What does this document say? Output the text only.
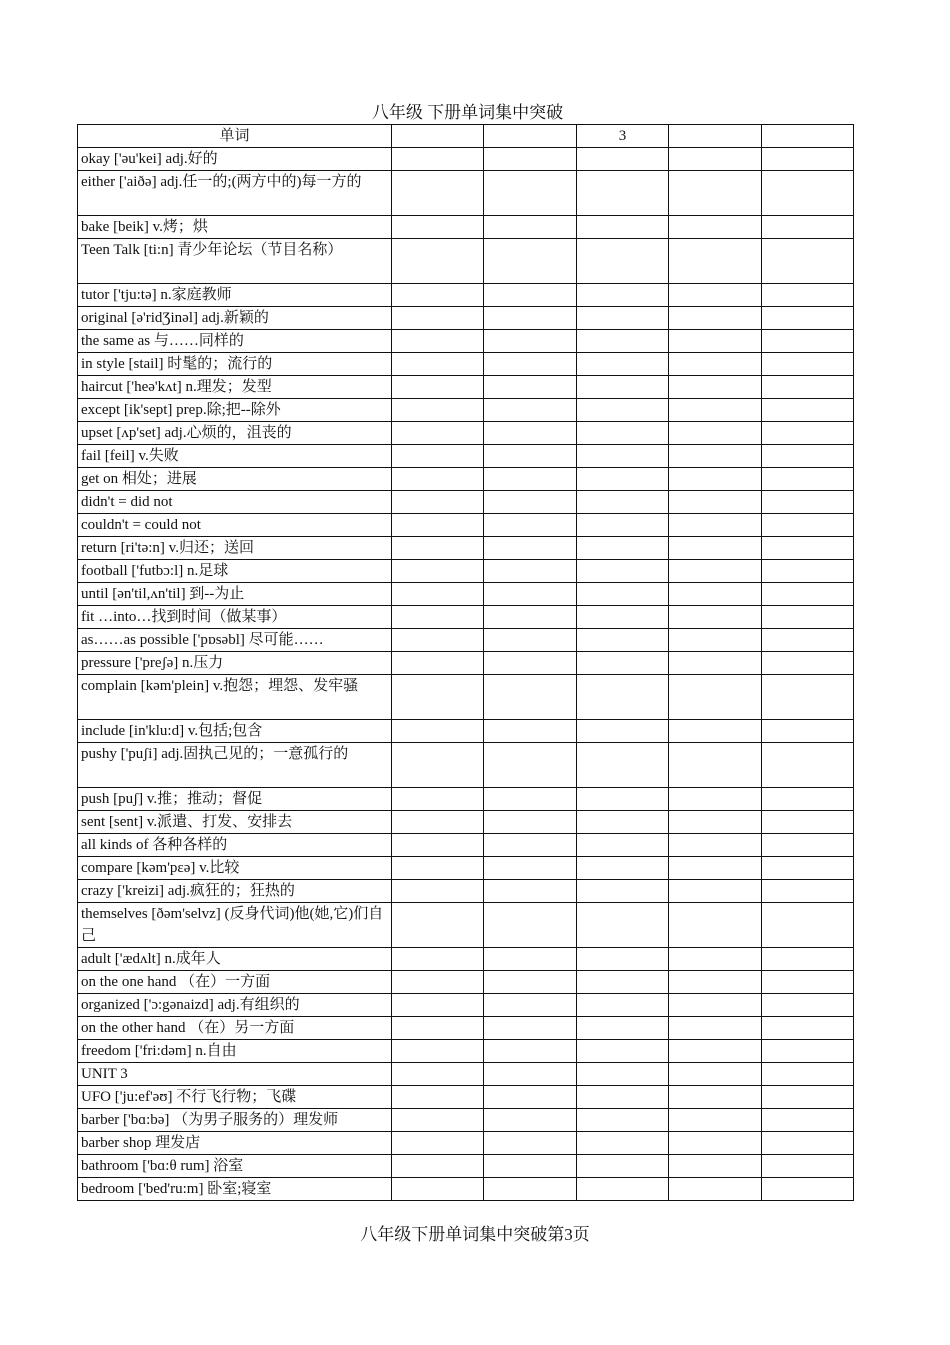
八年级 下册单词集中突破
单词			3		
okay ['əu'kei] adj.好的					
either ['aiðə] adj.任一的;(两方中的)每一方的					
bake [beik] v.烤；烘					
Teen Talk [ti:n] 青少年论坛（节目名称）					
tutor ['tju:tə] n.家庭教师					
original [ə'ridƷinəl] adj.新颖的					
the same as 与……同样的					
in style [stail] 时髦的；流行的					
haircut ['heə'kʌt] n.理发；发型					
except [ik'sept] prep.除;把--除外					
upset [ʌp'set] adj.心烦的，沮丧的					
fail [feil] v.失败					
get on 相处；进展					
didn't = did not					
couldn't = could not					
return [ri'tə:n] v.归还；送回					
football ['futbɔ:l] n.足球					
until [ən'til,ʌn'til] 到--为止					
fit …into…找到时间（做某事）					
as……as possible ['pɒsəbl] 尽可能……					
pressure ['preʃə] n.压力					
complain [kəm'plein] v.抱怨；埋怨、发牢骚					
include [in'klu:d] v.包括;包含					
pushy ['puʃi] adj.固执己见的；一意孤行的					
push [puʃ] v.推；推动；督促					
sent [sent] v.派遣、打发、安排去					
all kinds of 各种各样的					
compare [kəm'pɛə] v.比较					
crazy ['kreizi] adj.疯狂的；狂热的					
themselves [ðəm'selvz] (反身代词)他(她,它)们自己					
adult ['ædʌlt] n.成年人					
on the one hand （在）一方面					
organized ['ɔ:gənaizd] adj.有组织的					
on the other hand （在）另一方面					
freedom ['fri:dəm] n.自由					
UNIT 3					
UFO ['ju:ef'əʊ] 不行飞行物；飞碟					
barber ['bɑ:bə] （为男子服务的）理发师					
barber shop 理发店					
bathroom ['bɑ:θ rum] 浴室					
bedroom ['bed'ru:m] 卧室;寝室					
八年级下册单词集中突破第3页
